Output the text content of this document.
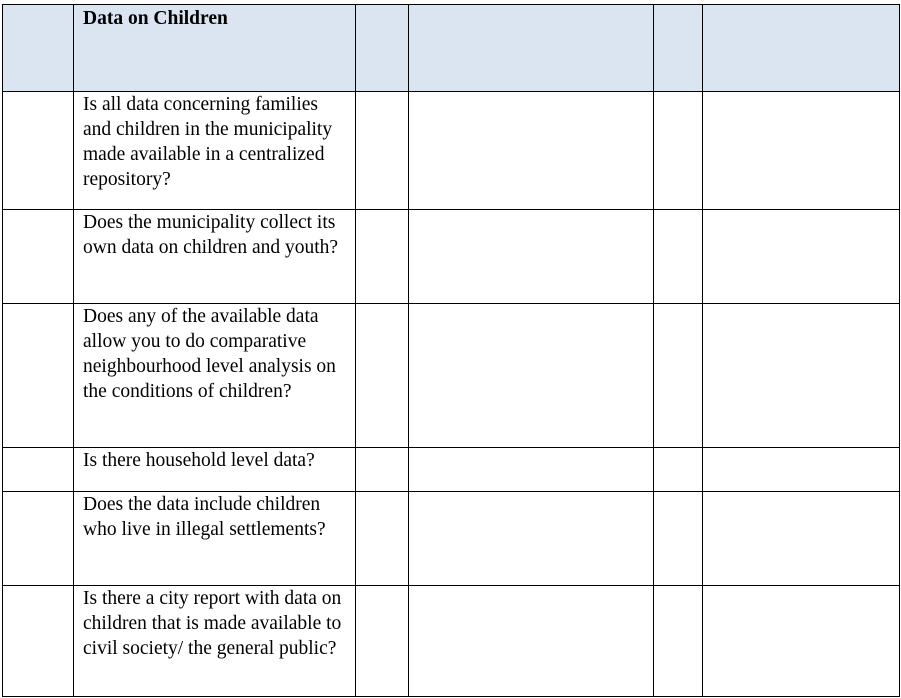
	Data on Children				

	Is all data concerning families and children in the municipality made available in a centralized repository?				

	Does the municipality collect its own data on children and youth?				

	Does any of the available data allow you to do comparative neighbourhood level analysis on the conditions of children?				

	Is there household level data?				

	Does the data include children who live in illegal settlements?				

	Is there a city report with data on children that is made available to civil society/ the general public?				
